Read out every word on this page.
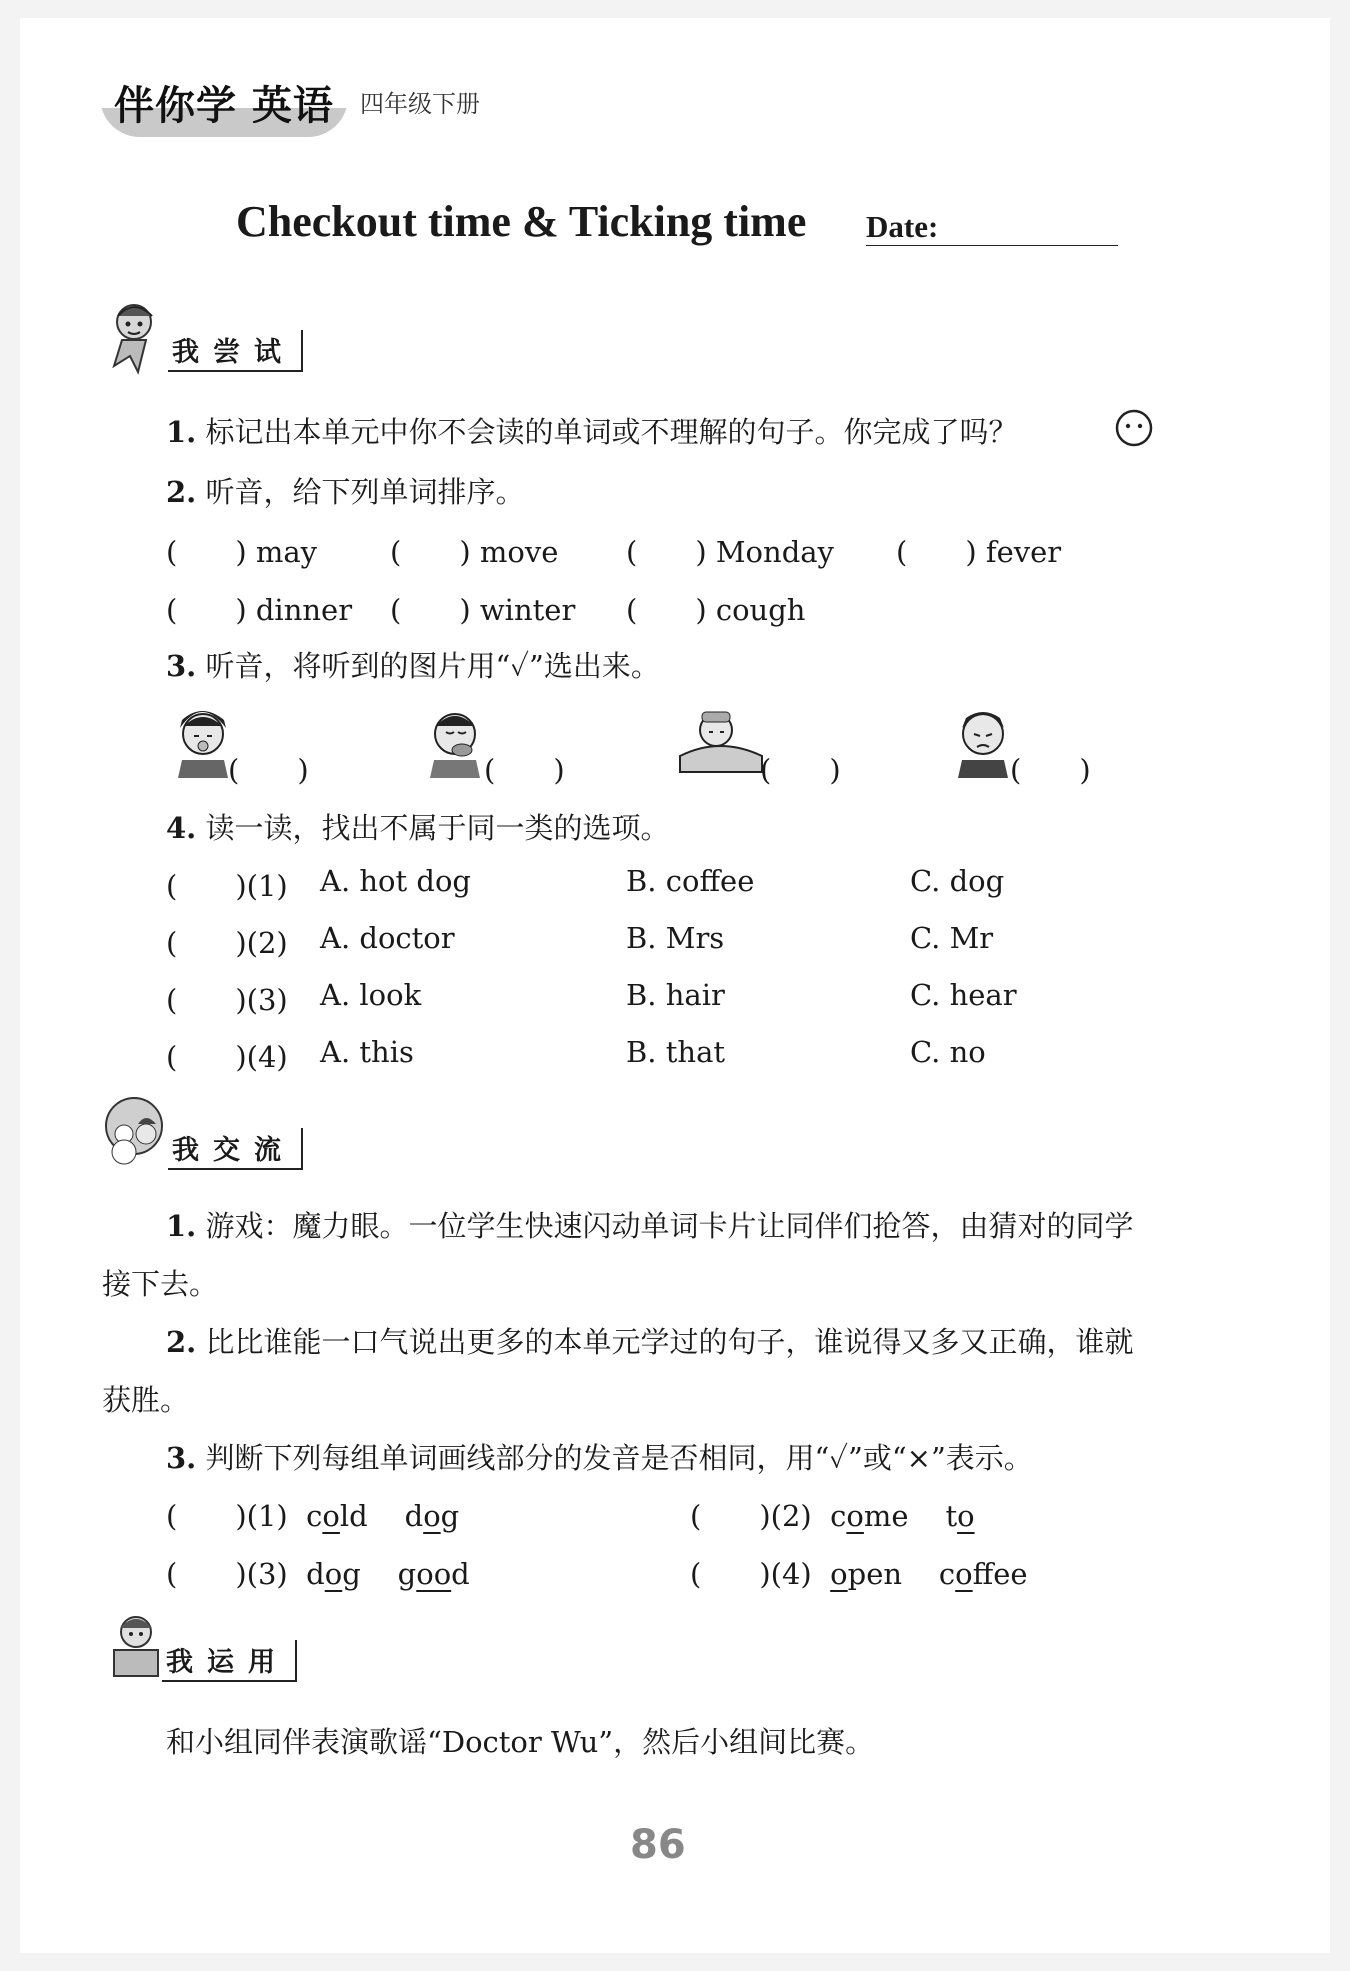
伴你学 英语	四年级下册
Checkout time & Ticking time Date:
我尝试
1. 标记出本单元中你不会读的单词或不理解的句子。你完成了吗？
2. 听音，给下列单词排序。
(　　) may	(　　) move (　　) Monday (　　) fever
(　　) dinner (　　) winter (　　) cough
3. 听音，将听到的图片用“✓”选出来。
(　　)	(　　)	(　　)	(　　)
4. 读一读，找出不属于同一类的选项。
(　　)(1) A. hot dog	B. coffee	C. dog
(　　)(2) A. doctor	B. Mrs	C. Mr
(　　)(3) A. look	B. hair	C. hear
(　　)(4) A. this	B. that	C. no
我交流
1. 游戏：魔力眼。一位学生快速闪动单词卡片让同伴们抢答，由猜对的同学
接下去。
2. 比比谁能一口气说出更多的本单元学过的句子，谁说得又多又正确，谁就
获胜。
3. 判断下列每组单词画线部分的发音是否相同，用“✓”或“×”表示。
(　　)(1) cold dog	(　　)(2) come to
(　　)(3) dog good	(　　)(4) open coffee
我运用
和小组同伴表演歌谣“Doctor Wu”，然后小组间比赛。
86
